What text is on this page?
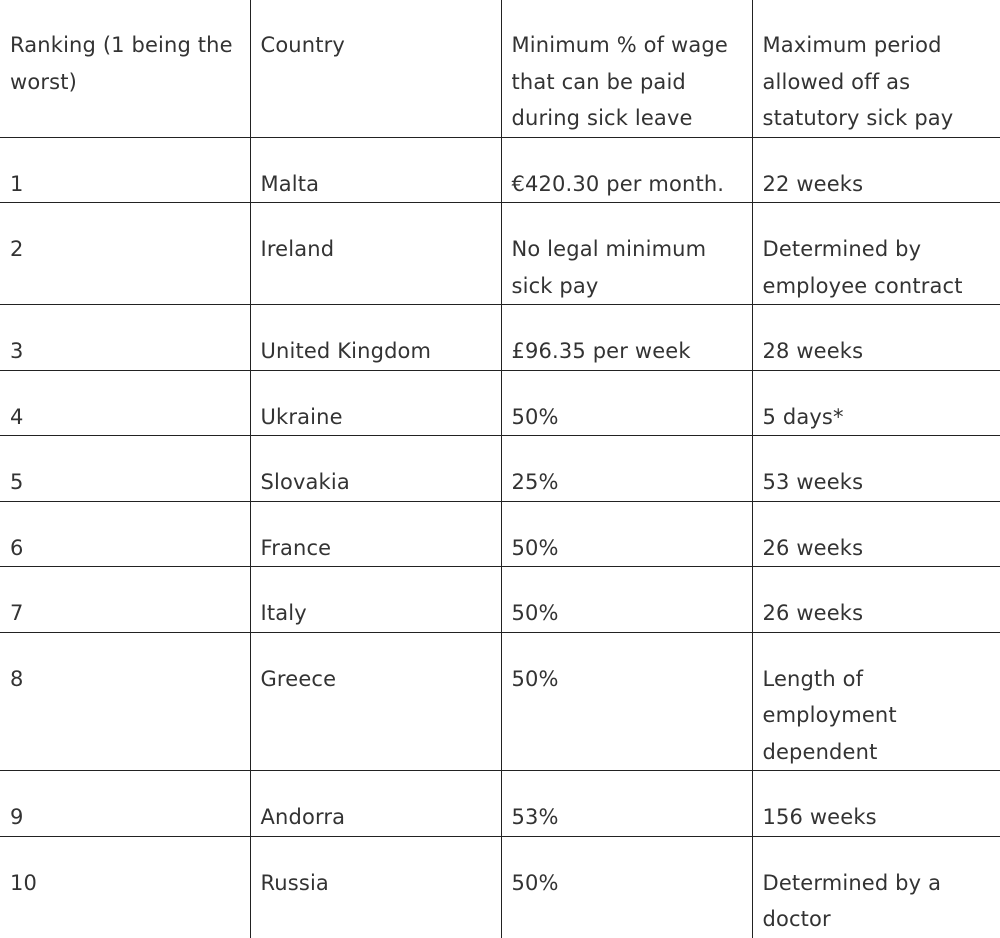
Ranking (1 being the worst)	Country	Minimum % of wage that can be paid during sick leave	Maximum period allowed off as statutory sick pay
1	Malta	€420.30 per month.	22 weeks
2	Ireland	No legal minimum sick pay	Determined by employee contract
3	United Kingdom	£96.35 per week	28 weeks
4	Ukraine	50%	5 days*
5	Slovakia	25%	53 weeks
6	France	50%	26 weeks
7	Italy	50%	26 weeks
8	Greece	50%	Length of employment dependent
9	Andorra	53%	156 weeks
10	Russia	50%	Determined by a doctor
